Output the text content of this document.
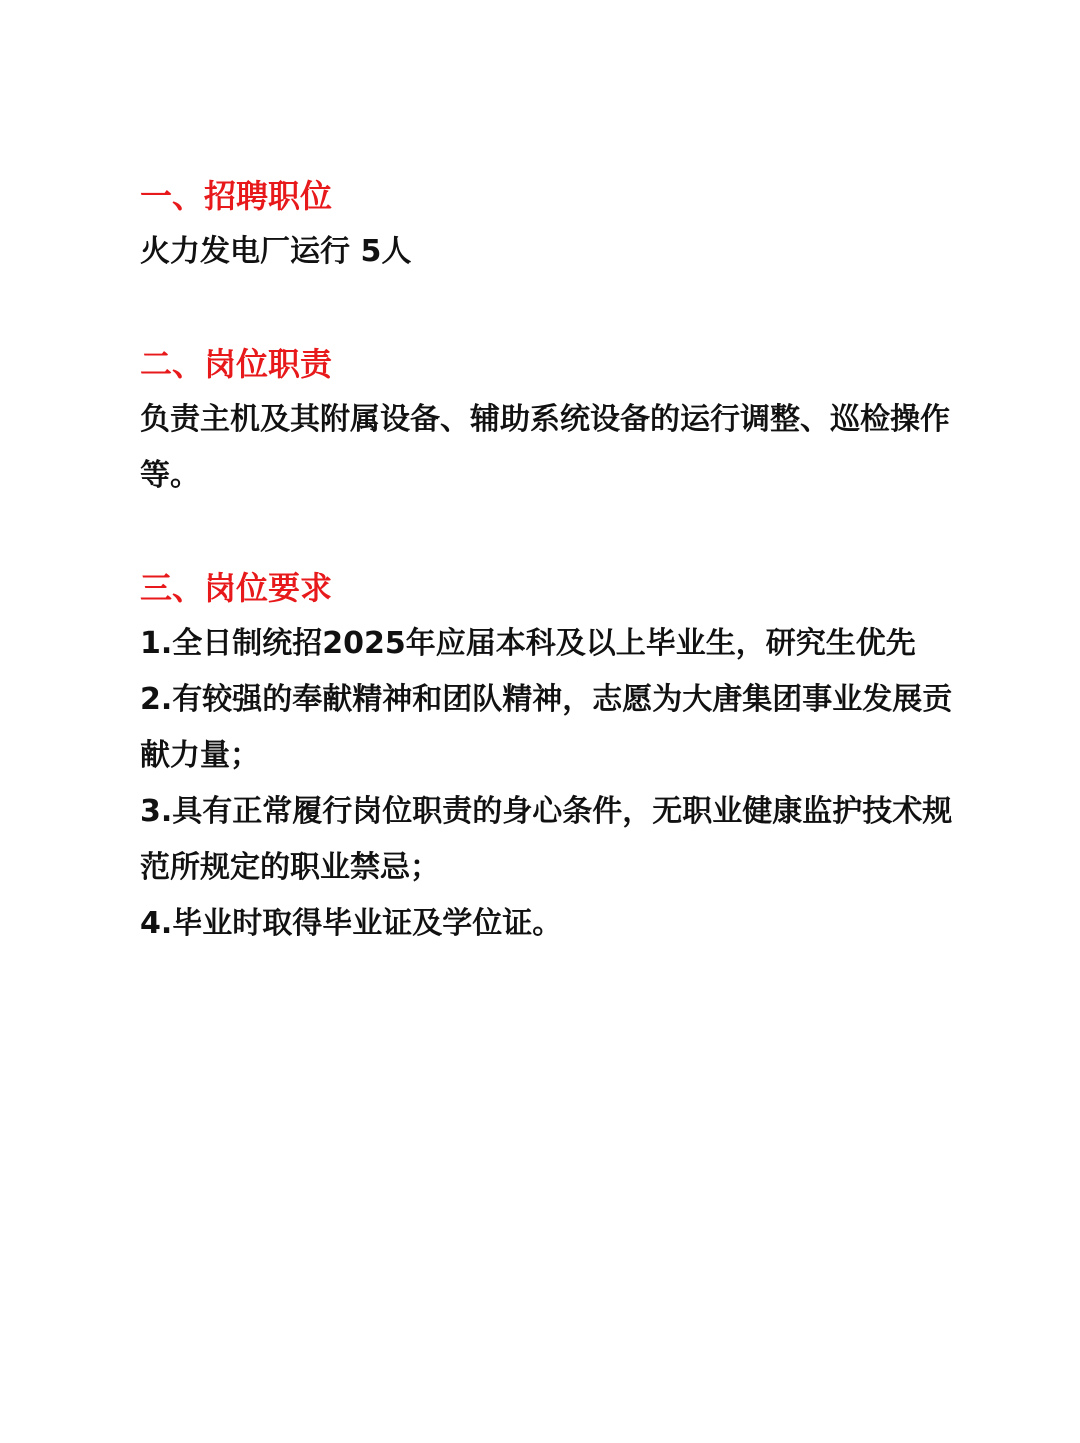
一、招聘职位

火力发电厂运行 5人

二、岗位职责

负责主机及其附属设备、辅助系统设备的运行调整、巡检操作等。

三、岗位要求
1.全日制统招2025年应届本科及以上毕业生，研究生优先
2.有较强的奉献精神和团队精神，志愿为大唐集团事业发展贡献力量；
3.具有正常履行岗位职责的身心条件，无职业健康监护技术规范所规定的职业禁忌；
4.毕业时取得毕业证及学位证。
